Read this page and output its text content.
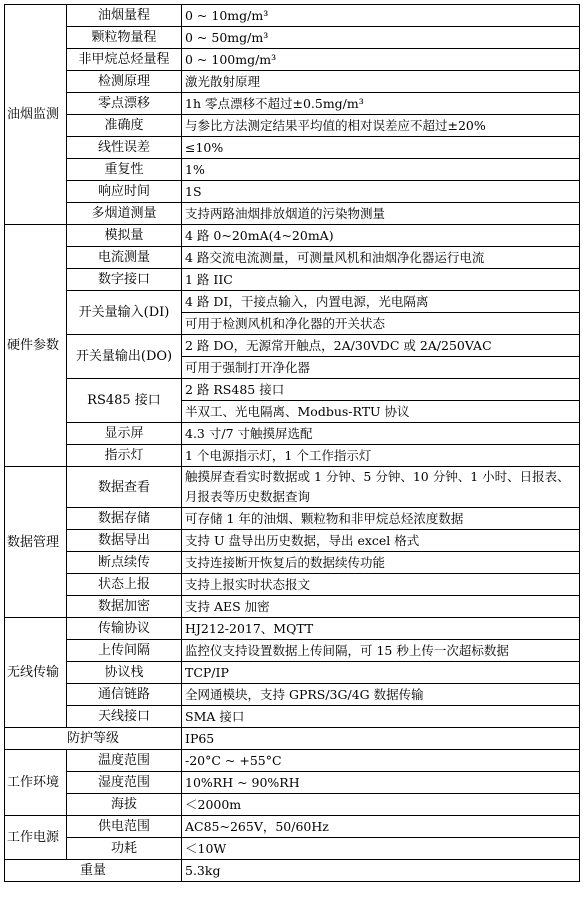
油烟监测	油烟量程	0 ~ 10mg/m³
	颗粒物量程	0 ~ 50mg/m³
	非甲烷总烃量程	0 ~ 100mg/m³
	检测原理	激光散射原理
	零点漂移	1h 零点漂移不超过±0.5mg/m³
	准确度	与参比方法测定结果平均值的相对误差应不超过±20%
	线性误差	≤10%
	重复性	1%
	响应时间	1S
	多烟道测量	支持两路油烟排放烟道的污染物测量
硬件参数	模拟量	4 路 0~20mA(4~20mA)
	电流测量	4 路交流电流测量，可测量风机和油烟净化器运行电流
	数字接口	1 路 IIC
	开关量输入(DI)	4 路 DI，干接点输入，内置电源，光电隔离
		可用于检测风机和净化器的开关状态
	开关量输出(DO)	2 路 DO，无源常开触点，2A/30VDC 或 2A/250VAC
		可用于强制打开净化器
	RS485 接口	2 路 RS485 接口
		半双工、光电隔离、Modbus-RTU 协议
	显示屏	4.3 寸/7 寸触摸屏选配
	指示灯	1 个电源指示灯，1 个工作指示灯
数据管理	数据查看	触摸屏查看实时数据或 1 分钟、5 分钟、10 分钟、1 小时、日报表、月报表等历史数据查询
	数据存储	可存储 1 年的油烟、颗粒物和非甲烷总烃浓度数据
	数据导出	支持 U 盘导出历史数据，导出 excel 格式
	断点续传	支持连接断开恢复后的数据续传功能
	状态上报	支持上报实时状态报文
	数据加密	支持 AES 加密
无线传输	传输协议	HJ212-2017、MQTT
	上传间隔	监控仪支持设置数据上传间隔，可 15 秒上传一次超标数据
	协议栈	TCP/IP
	通信链路	全网通模块，支持 GPRS/3G/4G 数据传输
	天线接口	SMA 接口
防护等级		IP65
工作环境	温度范围	-20°C ~ +55°C
	湿度范围	10%RH ~ 90%RH
	海拔	＜2000m
工作电源	供电范围	AC85~265V，50/60Hz
	功耗	＜10W
重量		5.3kg
